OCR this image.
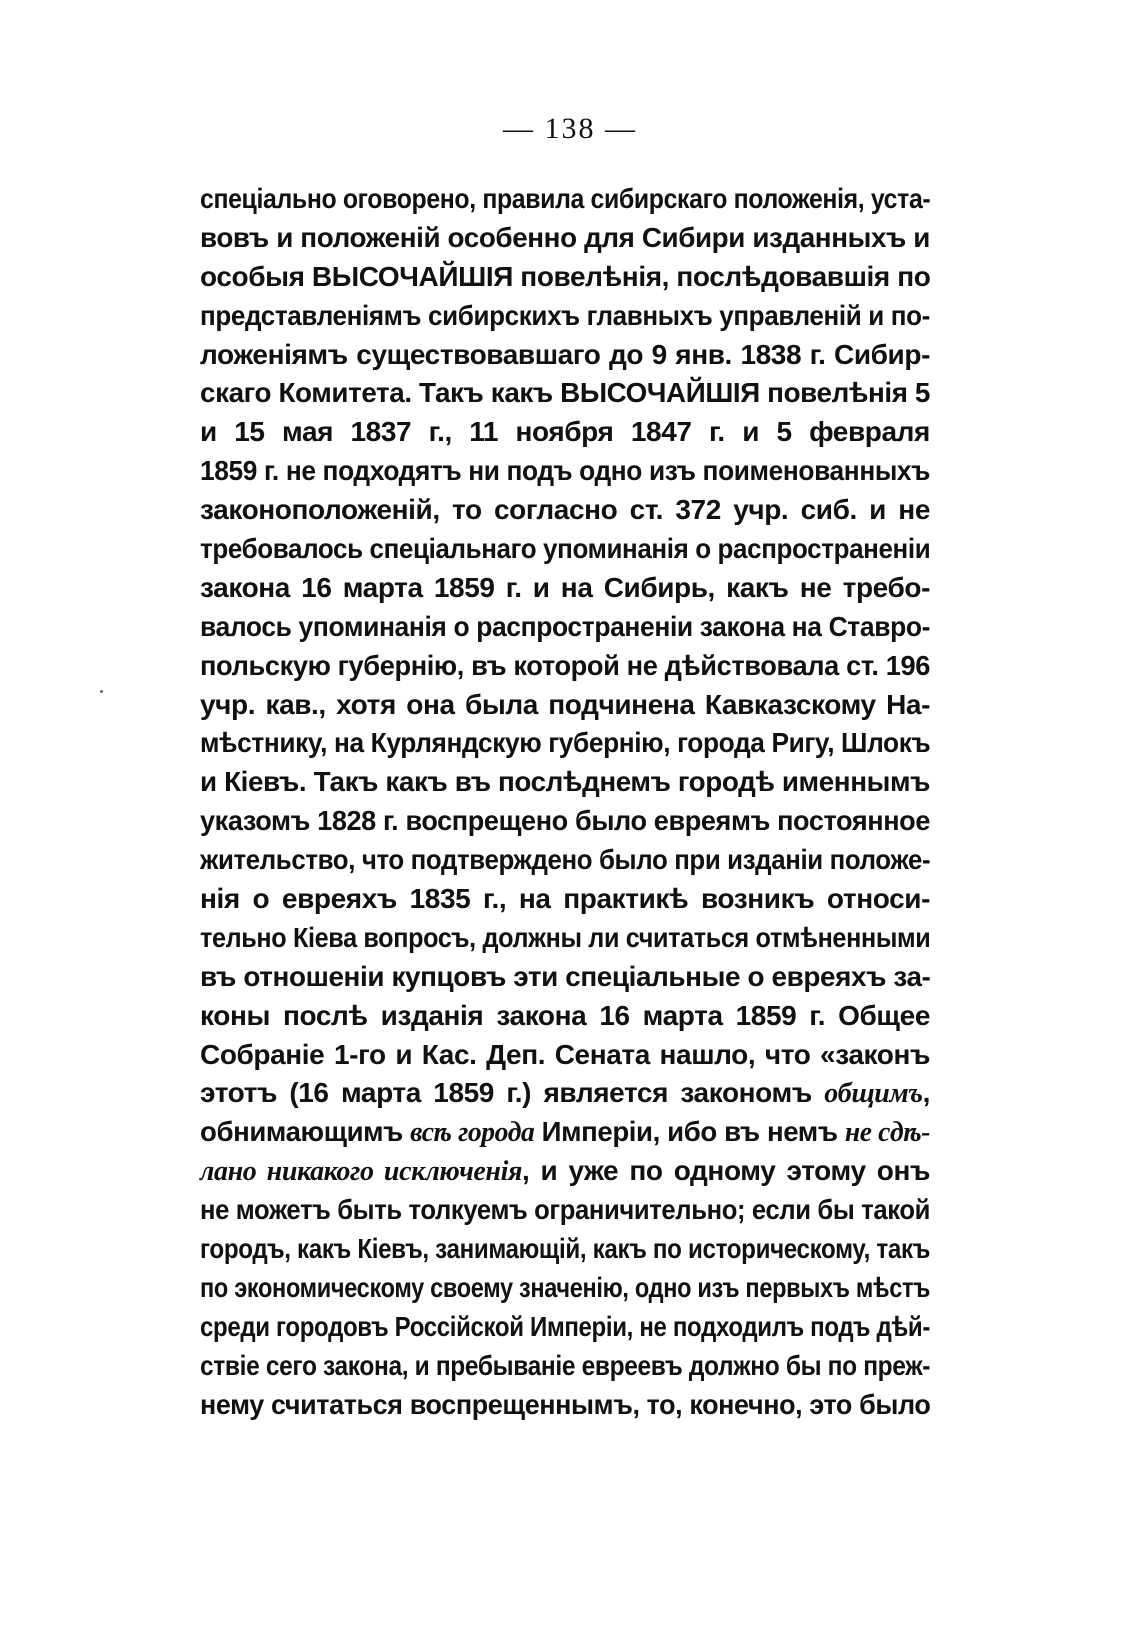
— 138 —
спеціально оговорено, правила сибирскаго положенія, уста-
вовъ и положеній особенно для Сибири изданныхъ и
особыя ВЫСОЧАЙШІЯ повелѣнія, послѣдовавшія по
представленіямъ сибирскихъ главныхъ управленій и по-
ложеніямъ существовавшаго до 9 янв. 1838 г. Сибир-
скаго Комитета. Такъ какъ ВЫСОЧАЙШІЯ повелѣнія 5
и 15 мая 1837 г., 11 ноября 1847 г. и 5 февраля
1859 г. не подходятъ ни подъ одно изъ поименованныхъ
законоположеній, то согласно ст. 372 учр. сиб. и не
требовалось спеціальнаго упоминанія о распространеніи
закона 16 марта 1859 г. и на Сибирь, какъ не требо-
валось упоминанія о распространеніи закона на Ставро-
польскую губернію, въ которой не дѣйствовала ст. 196
учр. кав., хотя она была подчинена Кавказскому На-
мѣстнику, на Курляндскую губернію, города Ригу, Шлокъ
и Кіевъ. Такъ какъ въ послѣднемъ городѣ именнымъ
указомъ 1828 г. воспрещено было евреямъ постоянное
жительство, что подтверждено было при изданіи положе-
нія о евреяхъ 1835 г., на практикѣ возникъ относи-
тельно Кіева вопросъ, должны ли считаться отмѣненными
въ отношеніи купцовъ эти спеціальные о евреяхъ за-
коны послѣ изданія закона 16 марта 1859 г. Общее
Собраніе 1-го и Кас. Деп. Сената нашло, что «законъ
этотъ (16 марта 1859 г.) является закономъ общимъ,
обнимающимъ всѣ города Имперіи, ибо въ немъ не сдѣ-
лано никакого исключенія, и уже по одному этому онъ
не можетъ быть толкуемъ ограничительно; если бы такой
городъ, какъ Кіевъ, занимающій, какъ по историческому, такъ
по экономическому своему значенію, одно изъ первыхъ мѣстъ
среди городовъ Россійской Имперіи, не подходилъ подъ дѣй-
ствіе сего закона, и пребываніе евреевъ должно бы по преж-
нему считаться воспрещеннымъ, то, конечно, это было
